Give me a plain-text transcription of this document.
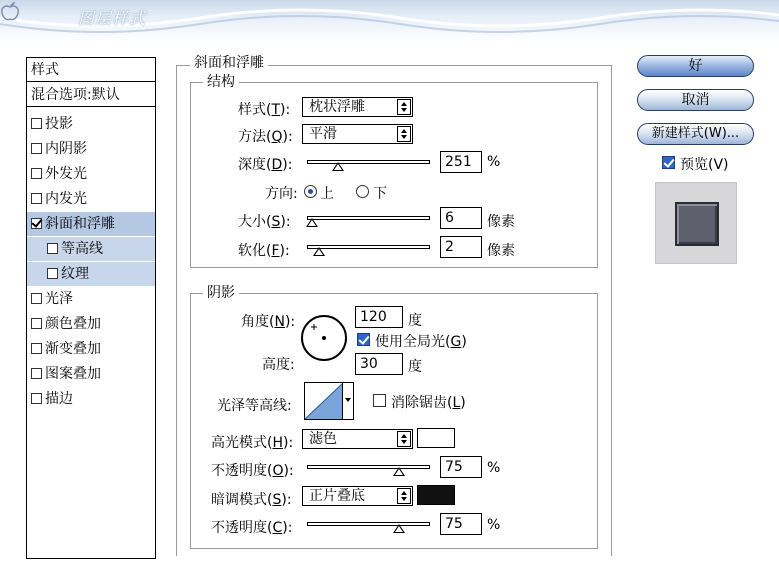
图层样式
样式
混合选项:默认
投影
内阴影
外发光
内发光
斜面和浮雕
等高线
纹理
光泽
颜色叠加
渐变叠加
图案叠加
描边
斜面和浮雕
结构
样式(T):	枕状浮雕
方法(Q):	平滑
深度(D):	251	%
方向: 上	下
大小(S):	6	像素
软化(F):	2	像素
阴影
角度(N):	120	度
使用全局光(G)
高度:	30	度
光泽等高线:	消除锯齿(L)
高光模式(H):	滤色
不透明度(O):	75	%
暗调模式(S):	正片叠底
不透明度(C):	75	%
好
取消
新建样式(W)...
预览(V)
